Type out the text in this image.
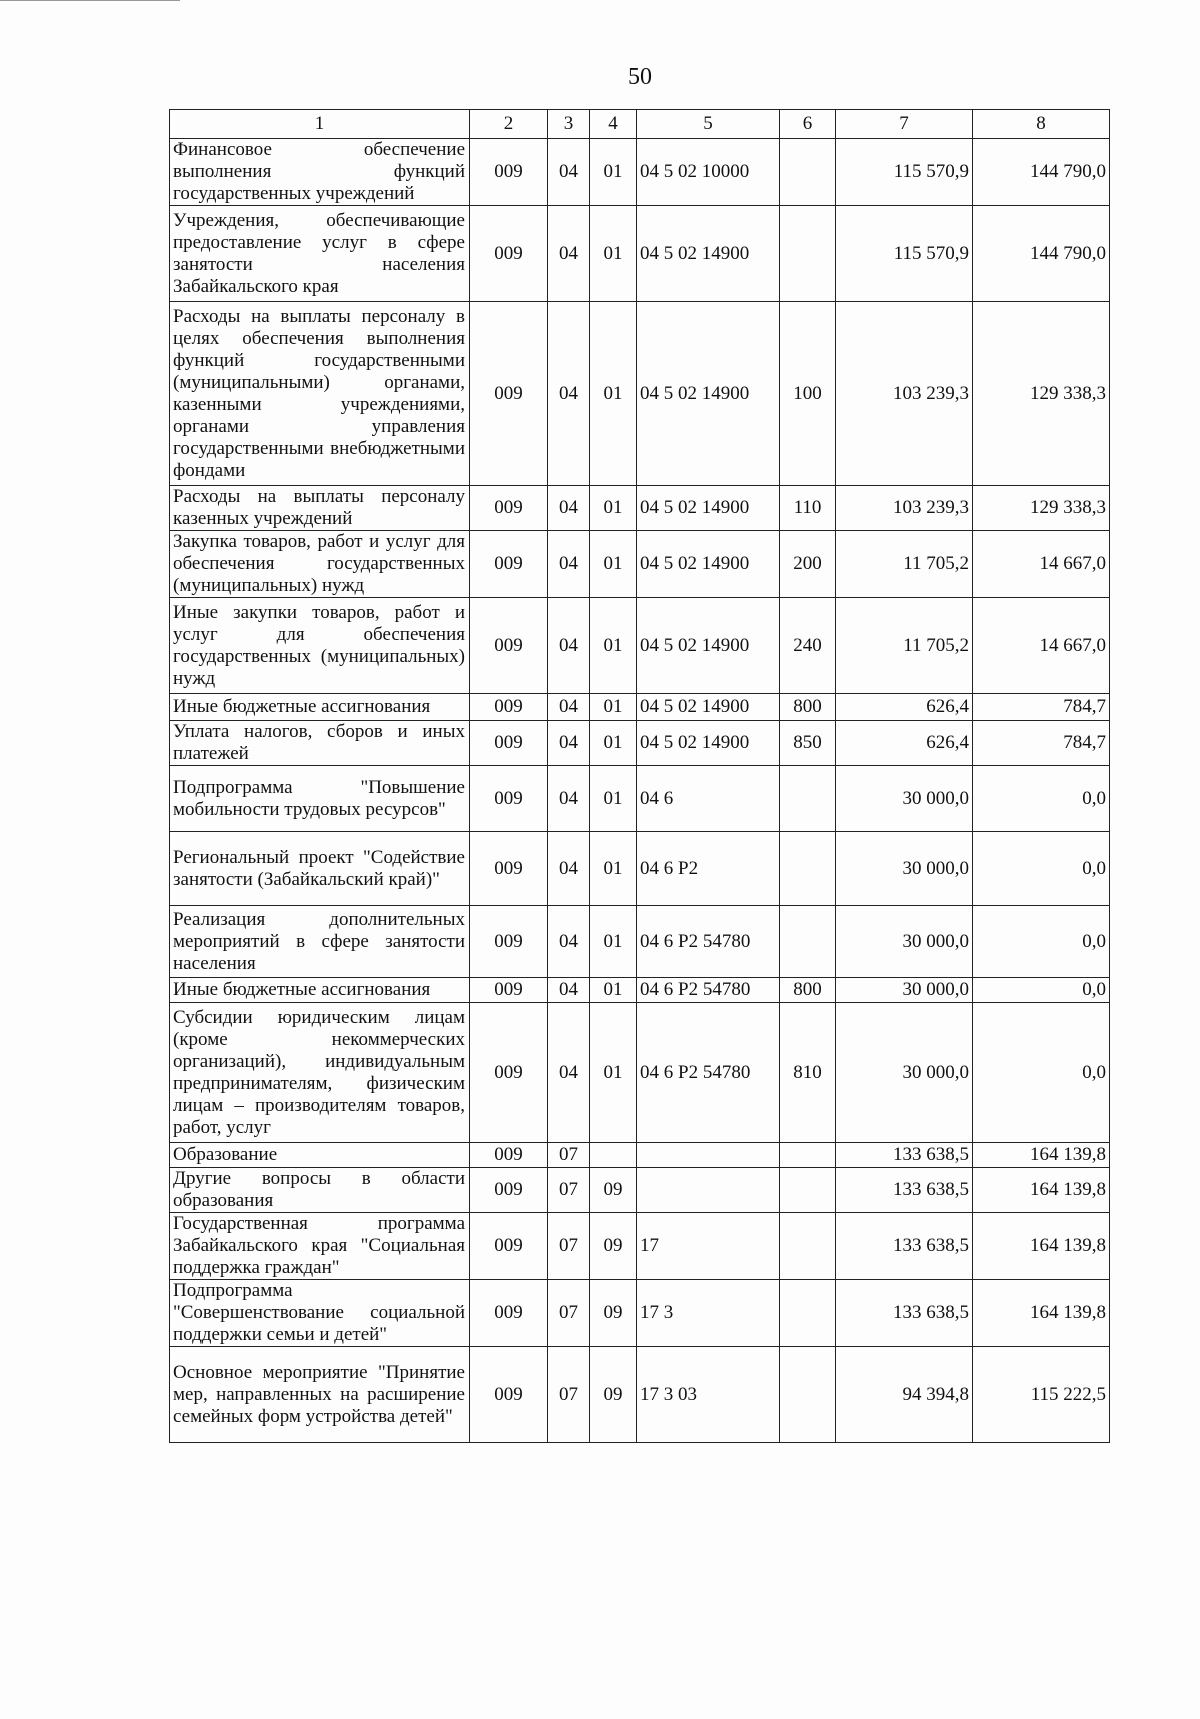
50
1	2	3	4	5	6	7	8
Финансовое обеспечение выполнения функций государственных учреждений	009	04	01	04 5 02 10000		115 570,9	144 790,0
Учреждения, обеспечивающие предоставление услуг в сфере занятости населения Забайкальского края	009	04	01	04 5 02 14900		115 570,9	144 790,0
Расходы на выплаты персоналу в целях обеспечения выполнения функций государственными (муниципальными) органами, казенными учреждениями, органами управления государственными внебюджетными фондами	009	04	01	04 5 02 14900	100	103 239,3	129 338,3
Расходы на выплаты персоналу казенных учреждений	009	04	01	04 5 02 14900	110	103 239,3	129 338,3
Закупка товаров, работ и услуг для обеспечения государственных (муниципальных) нужд	009	04	01	04 5 02 14900	200	11 705,2	14 667,0
Иные закупки товаров, работ и услуг для обеспечения государственных (муниципальных) нужд	009	04	01	04 5 02 14900	240	11 705,2	14 667,0
Иные бюджетные ассигнования	009	04	01	04 5 02 14900	800	626,4	784,7
Уплата налогов, сборов и иных платежей	009	04	01	04 5 02 14900	850	626,4	784,7
Подпрограмма "Повышение мобильности трудовых ресурсов"	009	04	01	04 6		30 000,0	0,0
Региональный проект "Содействие занятости (Забайкальский край)"	009	04	01	04 6 P2		30 000,0	0,0
Реализация дополнительных мероприятий в сфере занятости населения	009	04	01	04 6 P2 54780		30 000,0	0,0
Иные бюджетные ассигнования	009	04	01	04 6 P2 54780	800	30 000,0	0,0
Субсидии юридическим лицам (кроме некоммерческих организаций), индивидуальным предпринимателям, физическим лицам – производителям товаров, работ, услуг	009	04	01	04 6 P2 54780	810	30 000,0	0,0
Образование	009	07				133 638,5	164 139,8
Другие вопросы в области образования	009	07	09			133 638,5	164 139,8
Государственная программа Забайкальского края "Социальная поддержка граждан"	009	07	09	17		133 638,5	164 139,8
Подпрограмма "Совершенствование социальной поддержки семьи и детей"	009	07	09	17 3		133 638,5	164 139,8
Основное мероприятие "Принятие мер, направленных на расширение семейных форм устройства детей"	009	07	09	17 3 03		94 394,8	115 222,5
